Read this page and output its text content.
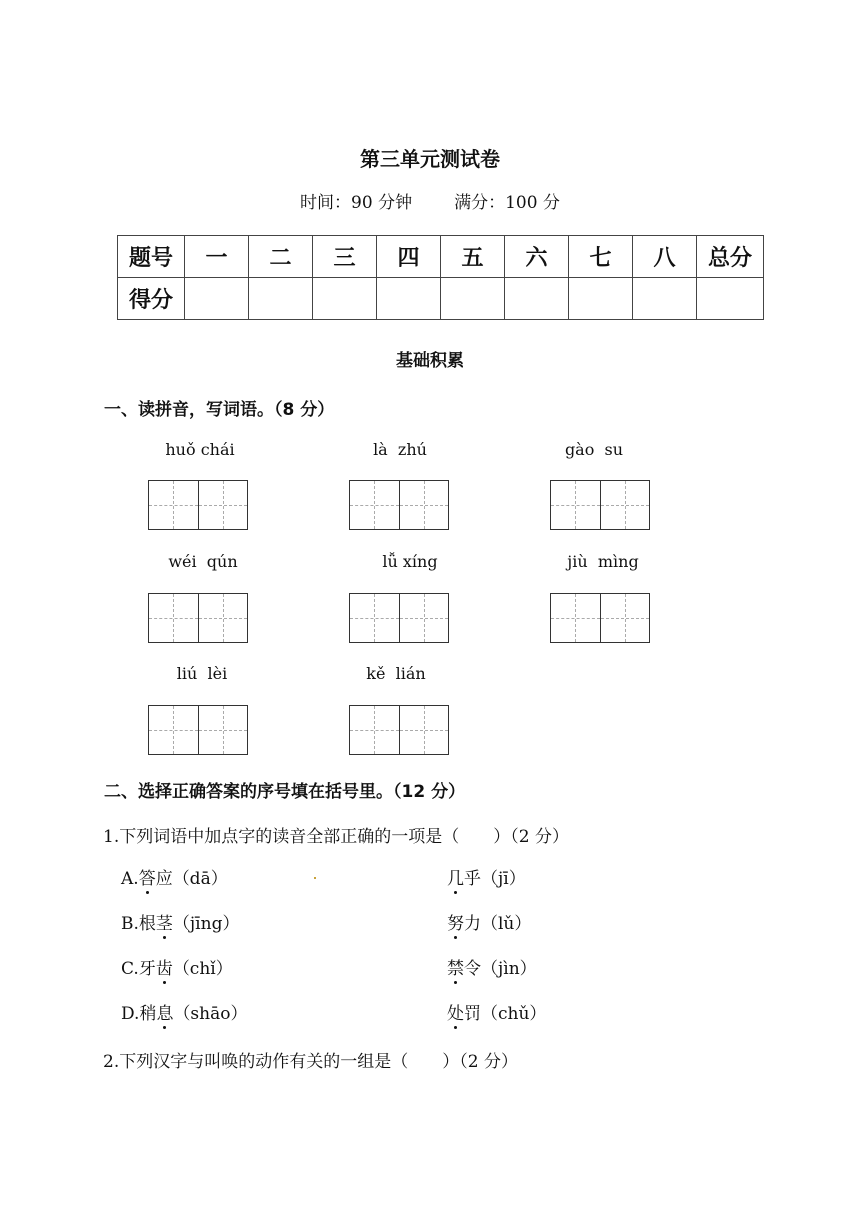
第三单元测试卷
时间：90 分钟 满分：100 分
题号	一	二	三	四	五	六	七	八	总分
得分									
基础积累
一、读拼音，写词语。（8 分）
huǒ chái	là  zhú	gào  su
wéi  qún	lǚ xíng	jiù  mìng
liú  lèi	kě  lián
二、选择正确答案的序号填在括号里。（12 分）
1.下列词语中加点字的读音全部正确的一项是（　　）（2 分）
A.答应（dā）	几乎（jī）
B.根茎（jīng）	努力（lǔ）
C.牙齿（chǐ）	禁令（jìn）
D.稍息（shāo）	处罚（chǔ）
2.下列汉字与叫唤的动作有关的一组是（　　）（2 分）
